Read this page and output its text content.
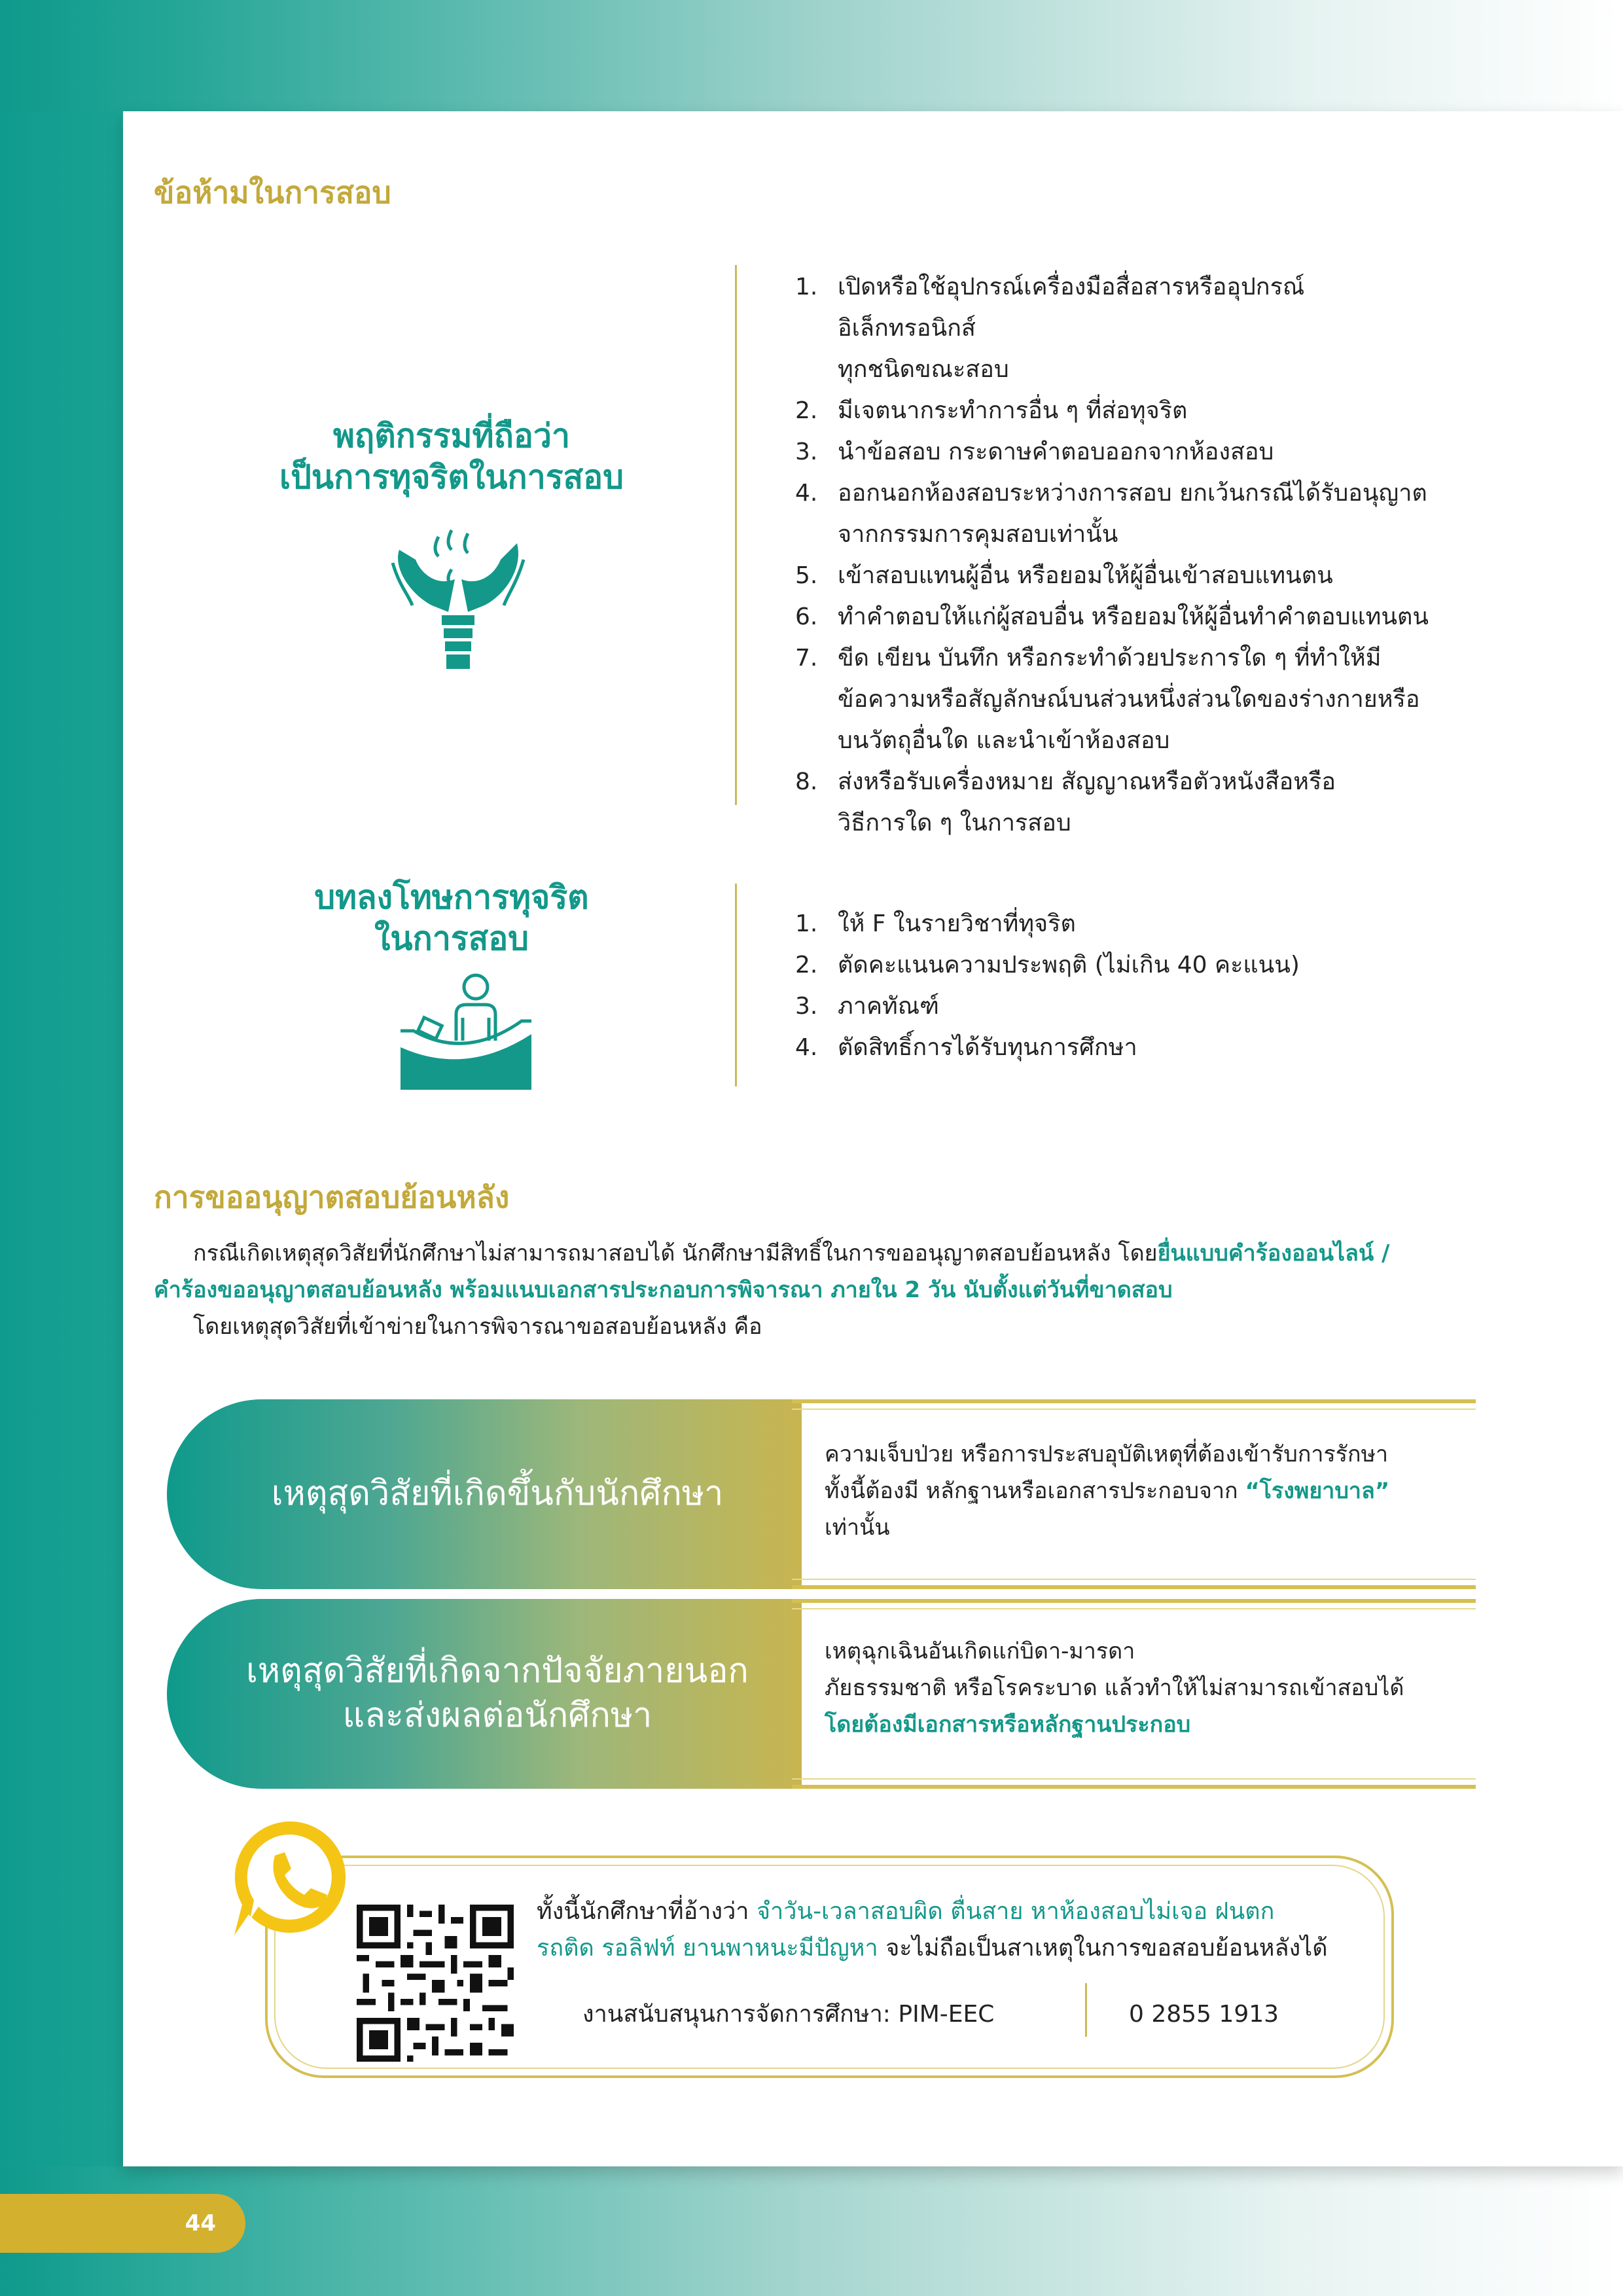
ข้อห้ามในการสอบ
พฤติกรรมที่ถือว่า
เป็นการทุจริตในการสอบ
1. เปิดหรือใช้อุปกรณ์เครื่องมือสื่อสารหรืออุปกรณ์อิเล็กทรอนิกส์
ทุกชนิดขณะสอบ
2. มีเจตนากระทำการอื่น ๆ ที่ส่อทุจริต
3. นำข้อสอบ กระดาษคำตอบออกจากห้องสอบ
4. ออกนอกห้องสอบระหว่างการสอบ ยกเว้นกรณีได้รับอนุญาต
จากกรรมการคุมสอบเท่านั้น
5. เข้าสอบแทนผู้อื่น หรือยอมให้ผู้อื่นเข้าสอบแทนตน
6. ทำคำตอบให้แก่ผู้สอบอื่น หรือยอมให้ผู้อื่นทำคำตอบแทนตน
7. ขีด เขียน บันทึก หรือกระทำด้วยประการใด ๆ ที่ทำให้มี
ข้อความหรือสัญลักษณ์บนส่วนหนึ่งส่วนใดของร่างกายหรือ
บนวัตถุอื่นใด และนำเข้าห้องสอบ
8. ส่งหรือรับเครื่องหมาย สัญญาณหรือตัวหนังสือหรือ
วิธีการใด ๆ ในการสอบ
บทลงโทษการทุจริต
ในการสอบ	1. ให้ F ในรายวิชาที่ทุจริต
2. ตัดคะแนนความประพฤติ (ไม่เกิน 40 คะแนน)
3. ภาคทัณฑ์
4. ตัดสิทธิ์การได้รับทุนการศึกษา
การขออนุญาตสอบย้อนหลัง
กรณีเกิดเหตุสุดวิสัยที่นักศึกษาไม่สามารถมาสอบได้ นักศึกษามีสิทธิ์ในการขออนุญาตสอบย้อนหลัง โดยยื่นแบบคำร้องออนไลน์ /
คำร้องขออนุญาตสอบย้อนหลัง พร้อมแนบเอกสารประกอบการพิจารณา ภายใน 2 วัน นับตั้งแต่วันที่ขาดสอบ
โดยเหตุสุดวิสัยที่เข้าข่ายในการพิจารณาขอสอบย้อนหลัง คือ
เหตุสุดวิสัยที่เกิดขึ้นกับนักศึกษา
ความเจ็บป่วย หรือการประสบอุบัติเหตุที่ต้องเข้ารับการรักษา
ทั้งนี้ต้องมี หลักฐานหรือเอกสารประกอบจาก “โรงพยาบาล”
เท่านั้น
เหตุสุดวิสัยที่เกิดจากปัจจัยภายนอก
และส่งผลต่อนักศึกษา
เหตุฉุกเฉินอันเกิดแก่บิดา-มารดา
ภัยธรรมชาติ หรือโรคระบาด แล้วทำให้ไม่สามารถเข้าสอบได้
โดยต้องมีเอกสารหรือหลักฐานประกอบ
ทั้งนี้นักศึกษาที่อ้างว่า จำวัน-เวลาสอบผิด ตื่นสาย หาห้องสอบไม่เจอ ฝนตก
รถติด รอลิฟท์ ยานพาหนะมีปัญหา จะไม่ถือเป็นสาเหตุในการขอสอบย้อนหลังได้
งานสนับสนุนการจัดการศึกษา: PIM-EEC	0 2855 1913
44
